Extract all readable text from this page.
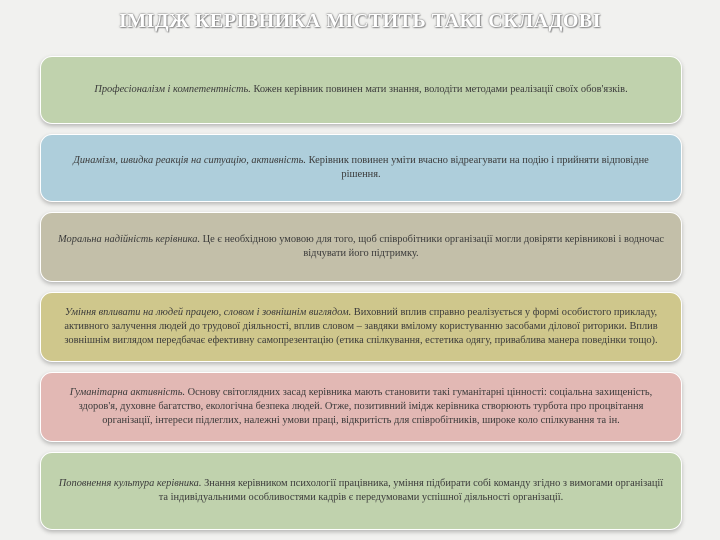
ІМІДЖ КЕРІВНИКА МІСТИТЬ ТАКІ СКЛАДОВІ
Професіоналізм і компетентність. Кожен керівник повинен мати знання, володіти методами реалізації своїх обов'язків.
Динамізм, швидка реакція на ситуацію, активність. Керівник повинен уміти вчасно відреагувати на подію і прийняти відповідне рішення.
Моральна надійність керівника. Це є необхідною умовою для того, щоб співробітники організації могли довіряти керівникові і водночас відчувати його підтримку.
Уміння впливати на людей працею, словом і зовнішнім виглядом. Виховний вплив справно реалізується у формі особистого прикладу, активного залучення людей до трудової діяльності, вплив словом – завдяки вмілому користуванню засобами ділової риторики. Вплив зовнішнім виглядом передбачає ефективну самопрезентацію (етика спілкування, естетика одягу, приваблива манера поведінки тощо).
Гуманітарна активність. Основу світоглядних засад керівника мають становити такі гуманітарні цінності: соціальна захищеність, здоров'я, духовне багатство, екологічна безпека людей. Отже, позитивний імідж керівника створюють турбота про процвітання організації, інтереси підлеглих, належні умови праці, відкритість для співробітників, широке коло спілкування та ін.
Поповнення культура керівника. Знання керівником психології працівника, уміння підбирати собі команду згідно з вимогами організації та індивідуальними особливостями кадрів є передумовами успішної діяльності організації.
